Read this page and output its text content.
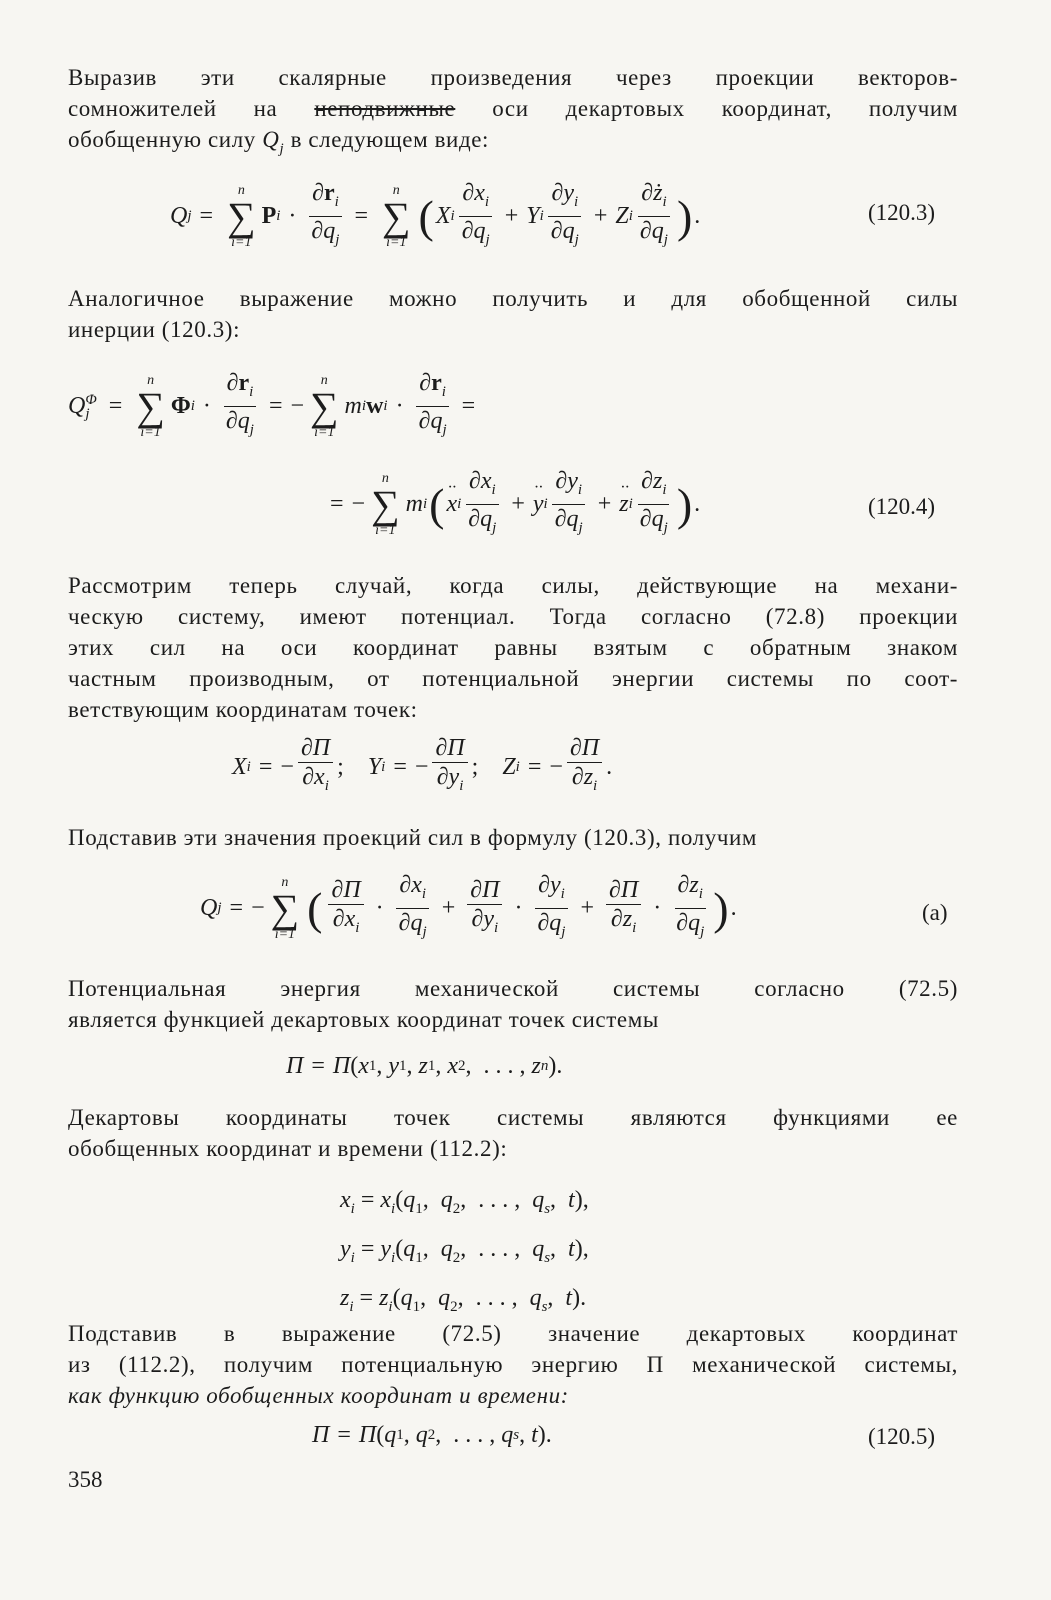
Выразив эти скалярные произведения через проекции векторов-
сомножителей на неподвижные оси декартовых координат, получим
обобщенную силу $Q_j$ в следующем виде:

Q j =
n
∑
i=1
P $i \cdot \frac{\partial r_i}{\partial q_j}$ =
n
∑
i=1
( X i $\frac{\partial x_i}{\partial q_j} + Y$ i $\frac{\partial y_i}{\partial q_j} + Z$ i $\frac{\partial ż_i}{\partial q_j}$ ) .	(120.3)

Аналогичное выражение можно получить и для обобщенной силы
инерции (120.3):

Q Φ
j =
n
∑
i=1
Φ $i \cdot \frac{\partial r_i}{\partial q_j}$ = −
n
∑
i=1
m i w $i \cdot \frac{\partial r_i}{\partial q_j}$ =
= −
n
∑
i=1
m i ( ·· x i $\frac{\partial x_i}{\partial q_j}$ + ·· y i $\frac{\partial y_i}{\partial q_j}$ + ·· z i $\frac{\partial z_i}{\partial q_j}$ ) .	(120.4)

Рассмотрим теперь случай, когда силы, действующие на механи-
ческую систему, имеют потенциал. Тогда согласно (72.8) проекции
этих сил на оси координат равны взятым с обратным знаком
частным производным, от потенциальной энергии системы по соот-
ветствующим координатам точек:

X i = − $\frac{\partial П}{\partial x_i}$ ; Y i = − $\frac{\partial П}{\partial y_i}$ ; Z i = − $\frac{\partial П}{\partial z_i}$ .

Подставив эти значения проекций сил в формулу (120.3), получим

Q j = −
n
∑
i=1
( $\frac{\partial П}{\partial x_i} \cdot \frac{\partial x_i}{\partial q_j} + \frac{\partial П}{\partial y_i} \cdot \frac{\partial y_i}{\partial q_j} + \frac{\partial П}{\partial z_i} \cdot \frac{\partial z_i}{\partial q_j}$ ) .	(а)

Потенциальная энергия механической системы согласно (72.5)
является функцией декартовых координат точек системы

П = П ( x 1 , y 1 , z 1 , x 2 ,  . . . , z n ).

Декартовы координаты точек системы являются функциями ее
обобщенных координат и времени (112.2):

$x_i = x_i(q_1$,  $q_2$,  . . . ,  $q_s$,  t),
$y_i = y_i(q_1$,  $q_2$,  . . . ,  $q_s$,  t),
$z_i = z_i(q_1$,  $q_2$,  . . . ,  $q_s$,  t).

Подставив в выражение (72.5) значение декартовых координат
из (112.2), получим потенциальную энергию П механической системы,
как функцию обобщенных координат и времени:

П = П ( q 1 , q 2 ,  . . . , q s , t ).	(120.5)
358
